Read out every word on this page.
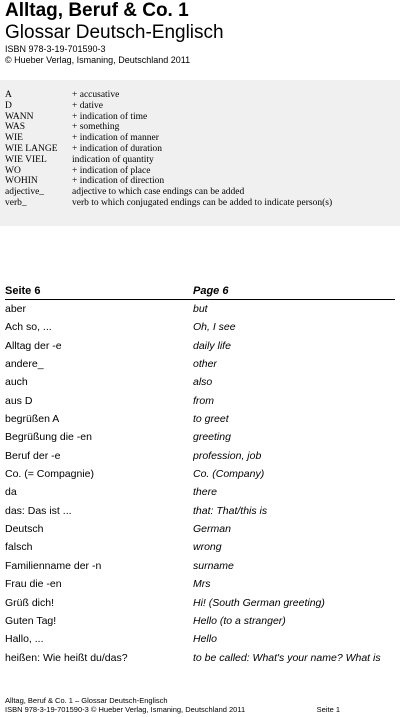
Alltag, Beruf & Co. 1
Glossar Deutsch-Englisch
ISBN 978-3-19-701590-3
© Hueber Verlag, Ismaning, Deutschland 2011
A	+ accusative
D	+ dative
WANN	+ indication of time
WAS	+ something
WIE	+ indication of manner
WIE LANGE + indication of duration
WIE VIEL	indication of quantity
WO	+ indication of place
WOHIN	+ indication of direction
adjective_	adjective to which case endings can be added
verb_	verb to which conjugated endings can be added to indicate person(s)
Seite 6	Page 6
aber	but
Ach so, ...	Oh, I see
Alltag der -e	daily life
andere_	other
auch	also
aus D	from
begrüßen A	to greet
Begrüßung die -en	greeting
Beruf der -e	profession, job
Co. (= Compagnie)	Co. (Company)
da	there
das: Das ist ...	that: That/this is
Deutsch	German
falsch	wrong
Familienname der -n	surname
Frau die -en	Mrs
Grüß dich!	Hi! (South German greeting)
Guten Tag!	Hello (to a stranger)
Hallo, ...	Hello
heißen: Wie heißt du/das?	to be called: What's your name? What is
Alltag, Beruf & Co. 1 – Glossar Deutsch-Englisch
ISBN 978-3-19-701590-3 © Hueber Verlag, Ismaning, Deutschland 2011	Seite 1
